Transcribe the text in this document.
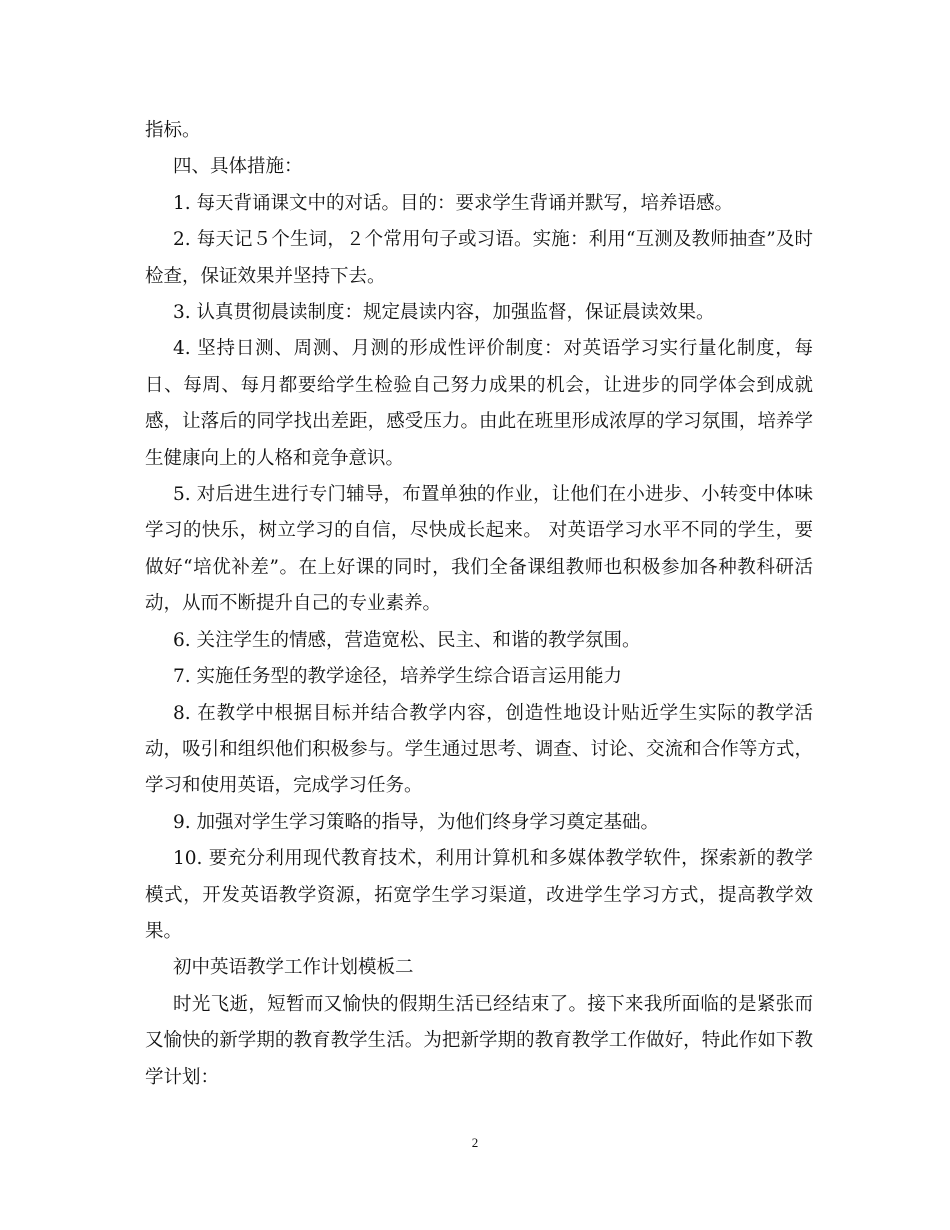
指标。

四、具体措施：

1. 每天背诵课文中的对话。目的：要求学生背诵并默写，培养语感。

2. 每天记５个生词，２个常用句子或习语。实施：利用“互测及教师抽查”及时检查，保证效果并坚持下去。

3. 认真贯彻晨读制度：规定晨读内容，加强监督，保证晨读效果。

4. 坚持日测、周测、月测的形成性评价制度：对英语学习实行量化制度，每日、每周、每月都要给学生检验自己努力成果的机会，让进步的同学体会到成就感，让落后的同学找出差距，感受压力。由此在班里形成浓厚的学习氛围，培养学生健康向上的人格和竞争意识。

5. 对后进生进行专门辅导，布置单独的作业，让他们在小进步、小转变中体味学习的快乐，树立学习的自信，尽快成长起来。 对英语学习水平不同的学生，要做好“培优补差”。在上好课的同时，我们全备课组教师也积极参加各种教科研活动，从而不断提升自己的专业素养。

6. 关注学生的情感，营造宽松、民主、和谐的教学氛围。

7. 实施任务型的教学途径，培养学生综合语言运用能力

8. 在教学中根据目标并结合教学内容，创造性地设计贴近学生实际的教学活动，吸引和组织他们积极参与。学生通过思考、调查、讨论、交流和合作等方式，学习和使用英语，完成学习任务。

9. 加强对学生学习策略的指导，为他们终身学习奠定基础。

10. 要充分利用现代教育技术，利用计算机和多媒体教学软件，探索新的教学模式，开发英语教学资源，拓宽学生学习渠道，改进学生学习方式，提高教学效果。

初中英语教学工作计划模板二

时光飞逝，短暂而又愉快的假期生活已经结束了。接下来我所面临的是紧张而又愉快的新学期的教育教学生活。为把新学期的教育教学工作做好，特此作如下教学计划：

2
